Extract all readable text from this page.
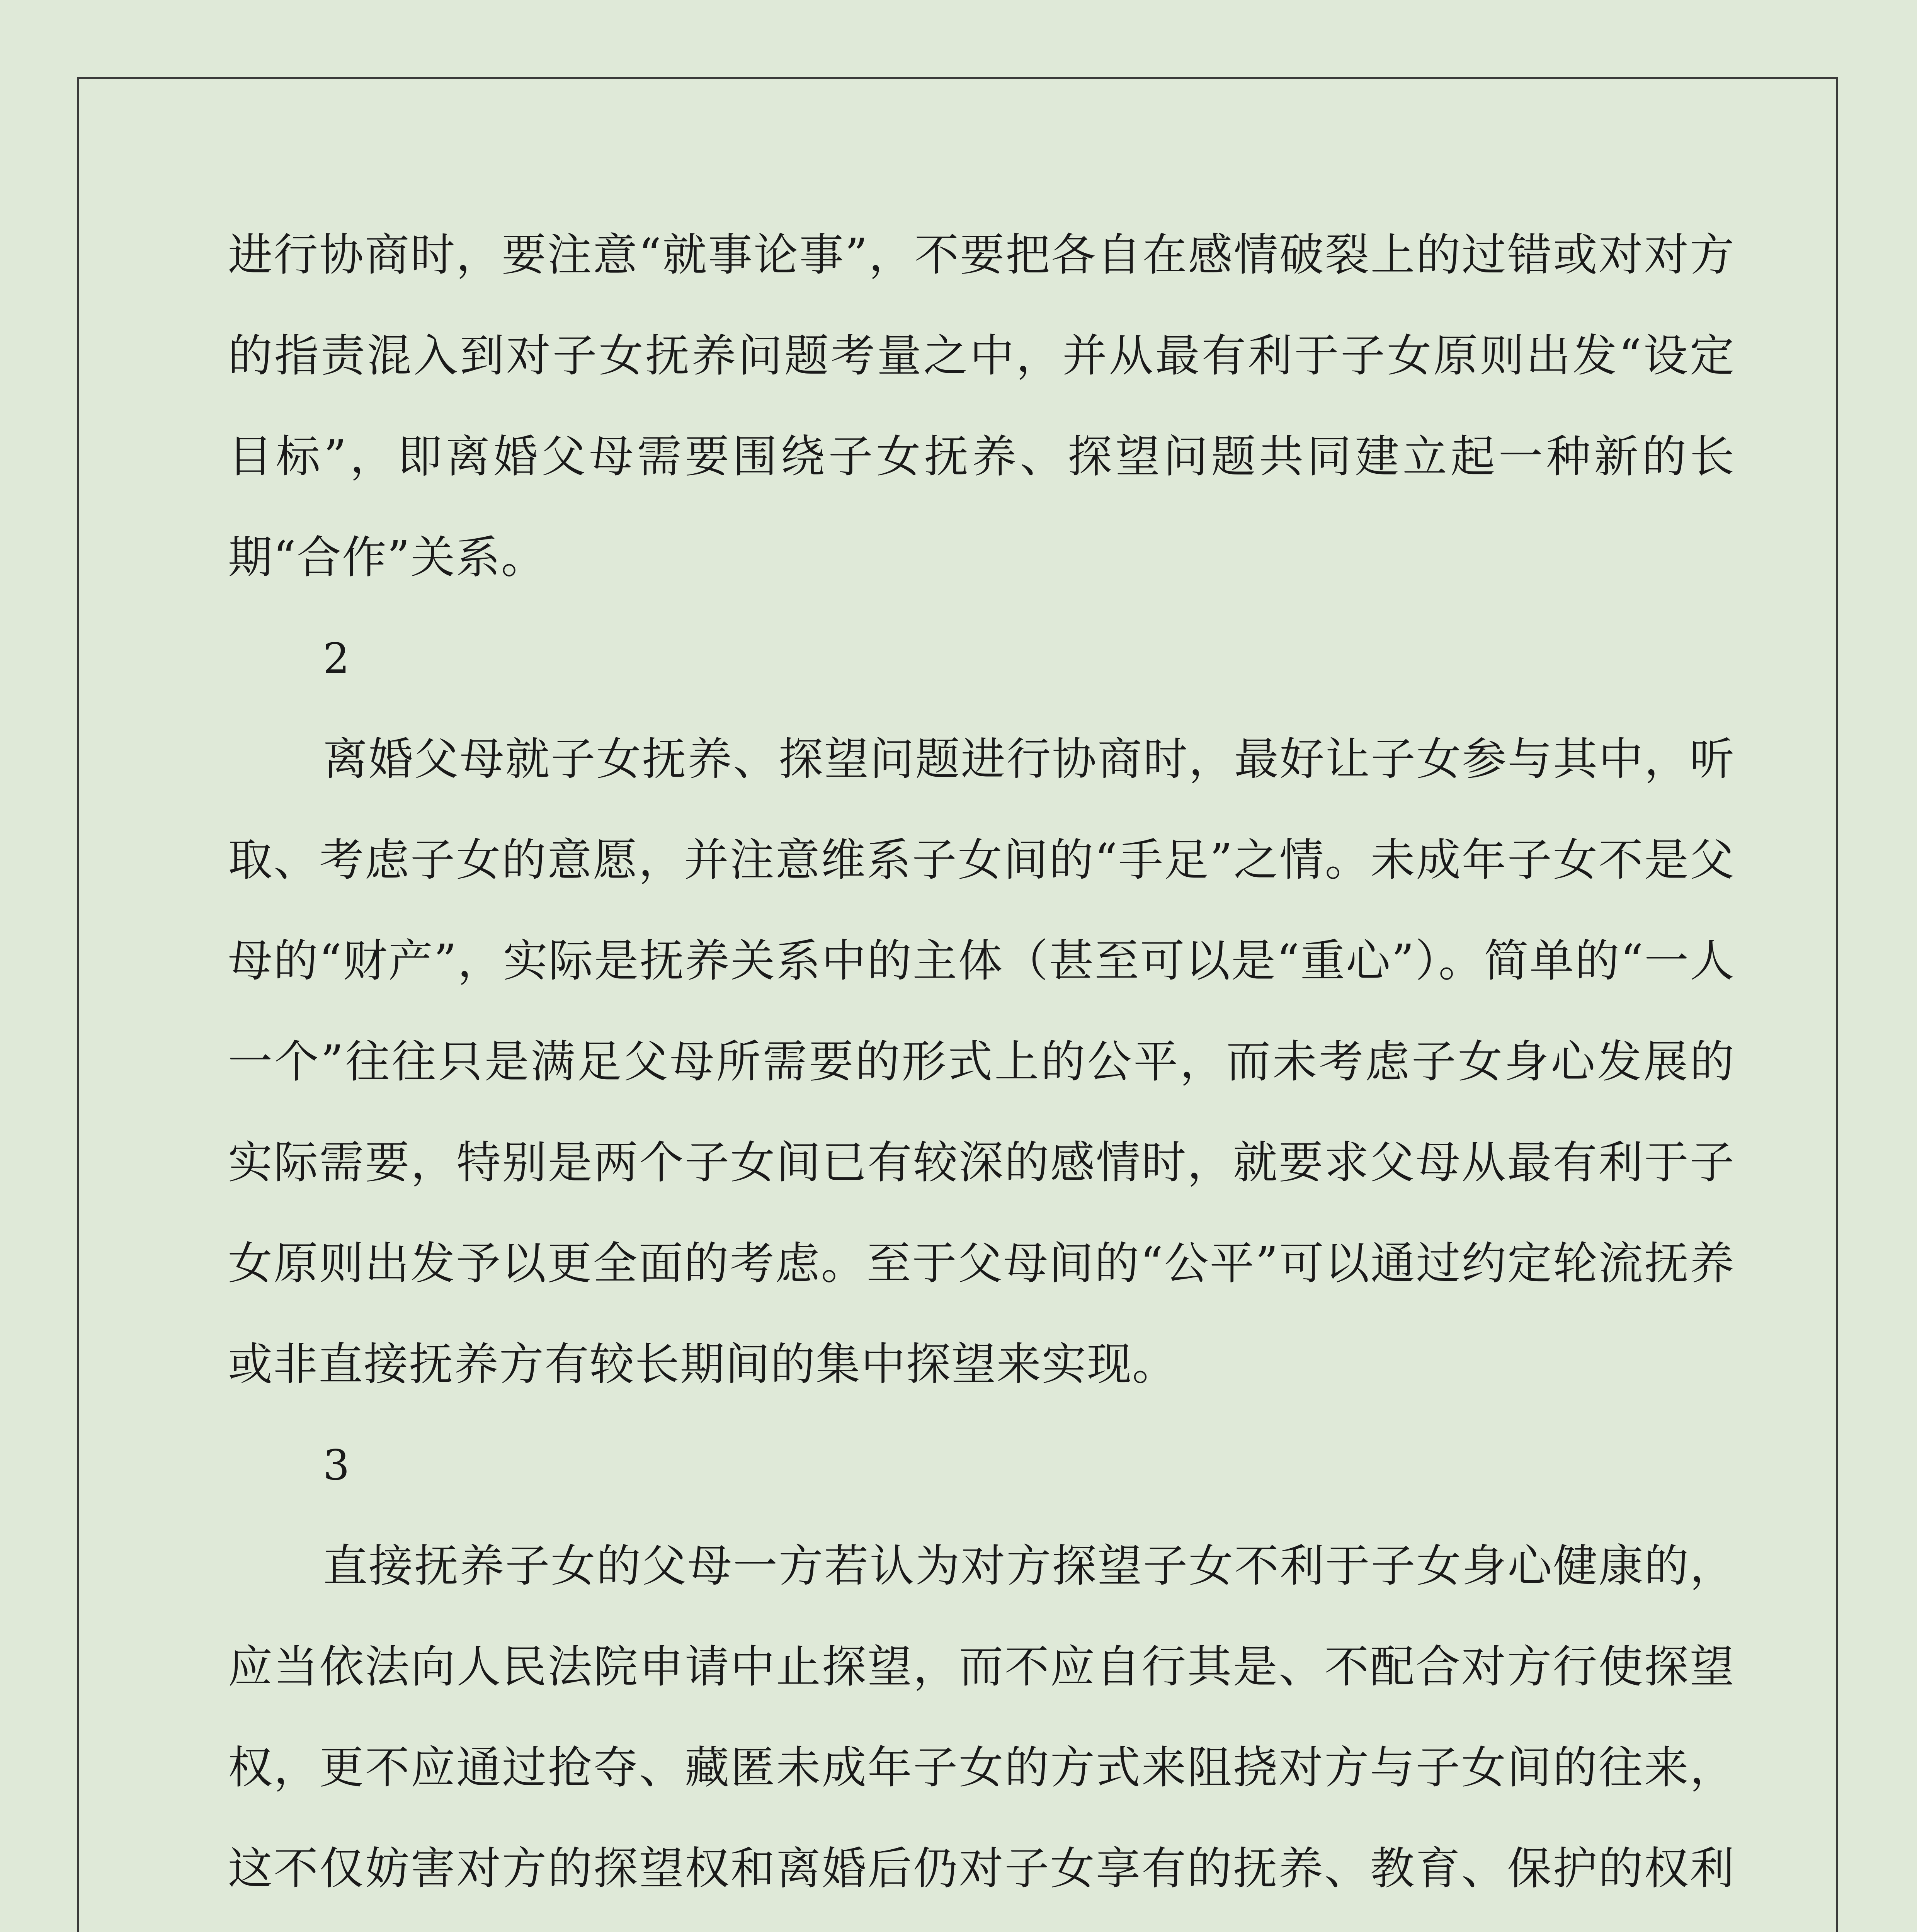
进行协商时，要注意“就事论事”，不要把各自在感情破裂上的过错或对对方的指责混入到对子女抚养问题考量之中，并从最有利于子女原则出发“设定目标”，即离婚父母需要围绕子女抚养、探望问题共同建立起一种新的长期“合作”关系。

2

离婚父母就子女抚养、探望问题进行协商时，最好让子女参与其中，听取、考虑子女的意愿，并注意维系子女间的“手足”之情。未成年子女不是父母的“财产”，实际是抚养关系中的主体（甚至可以是“重心”）。简单的“一人一个”往往只是满足父母所需要的形式上的公平，而未考虑子女身心发展的实际需要，特别是两个子女间已有较深的感情时，就要求父母从最有利于子女原则出发予以更全面的考虑。至于父母间的“公平”可以通过约定轮流抚养或非直接抚养方有较长期间的集中探望来实现。

3

直接抚养子女的父母一方若认为对方探望子女不利于子女身心健康的，应当依法向人民法院申请中止探望，而不应自行其是、不配合对方行使探望权，更不应通过抢夺、藏匿未成年子女的方式来阻挠对方与子女间的往来，这不仅妨害对方的探望权和离婚后仍对子女享有的抚养、教育、保护的权利
